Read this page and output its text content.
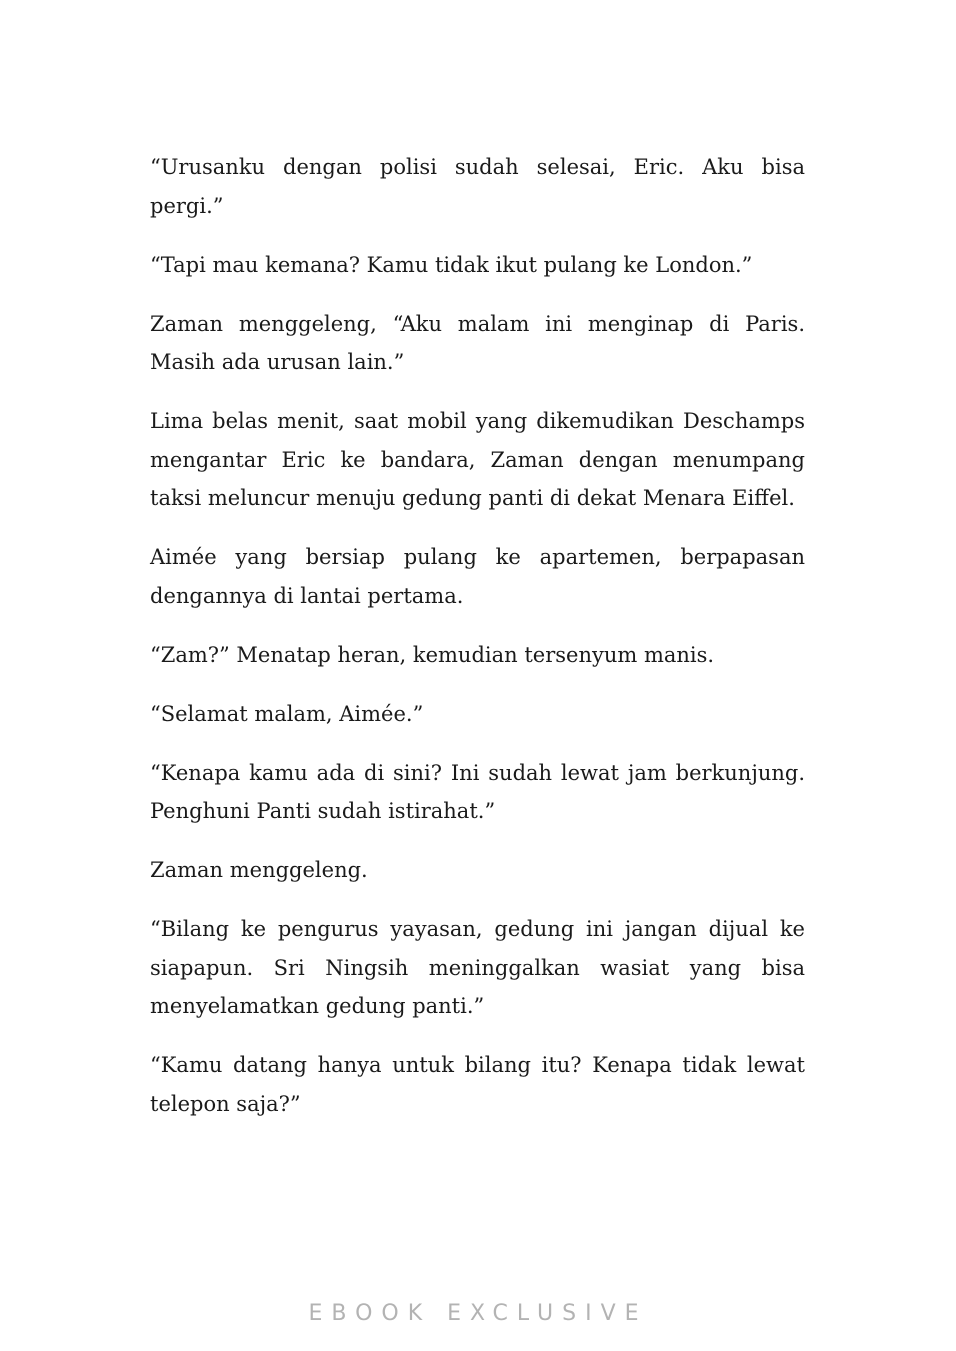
“Urusanku dengan polisi sudah selesai, Eric. Aku bisa pergi.”

“Tapi mau kemana? Kamu tidak ikut pulang ke London.”

Zaman menggeleng, “Aku malam ini menginap di Paris. Masih ada urusan lain.”

Lima belas menit, saat mobil yang dikemudikan Deschamps mengantar Eric ke bandara, Zaman dengan menumpang taksi meluncur menuju gedung panti di dekat Menara Eiffel.

Aimée yang bersiap pulang ke apartemen, berpapasan dengannya di lantai pertama.

“Zam?” Menatap heran, kemudian tersenyum manis.

“Selamat malam, Aimée.”

“Kenapa kamu ada di sini? Ini sudah lewat jam berkunjung. Penghuni Panti sudah istirahat.”

Zaman menggeleng.

“Bilang ke pengurus yayasan, gedung ini jangan dijual ke siapapun. Sri Ningsih meninggalkan wasiat yang bisa menyelamatkan gedung panti.”

“Kamu datang hanya untuk bilang itu? Kenapa tidak lewat telepon saja?”

EBOOK EXCLUSIVE
